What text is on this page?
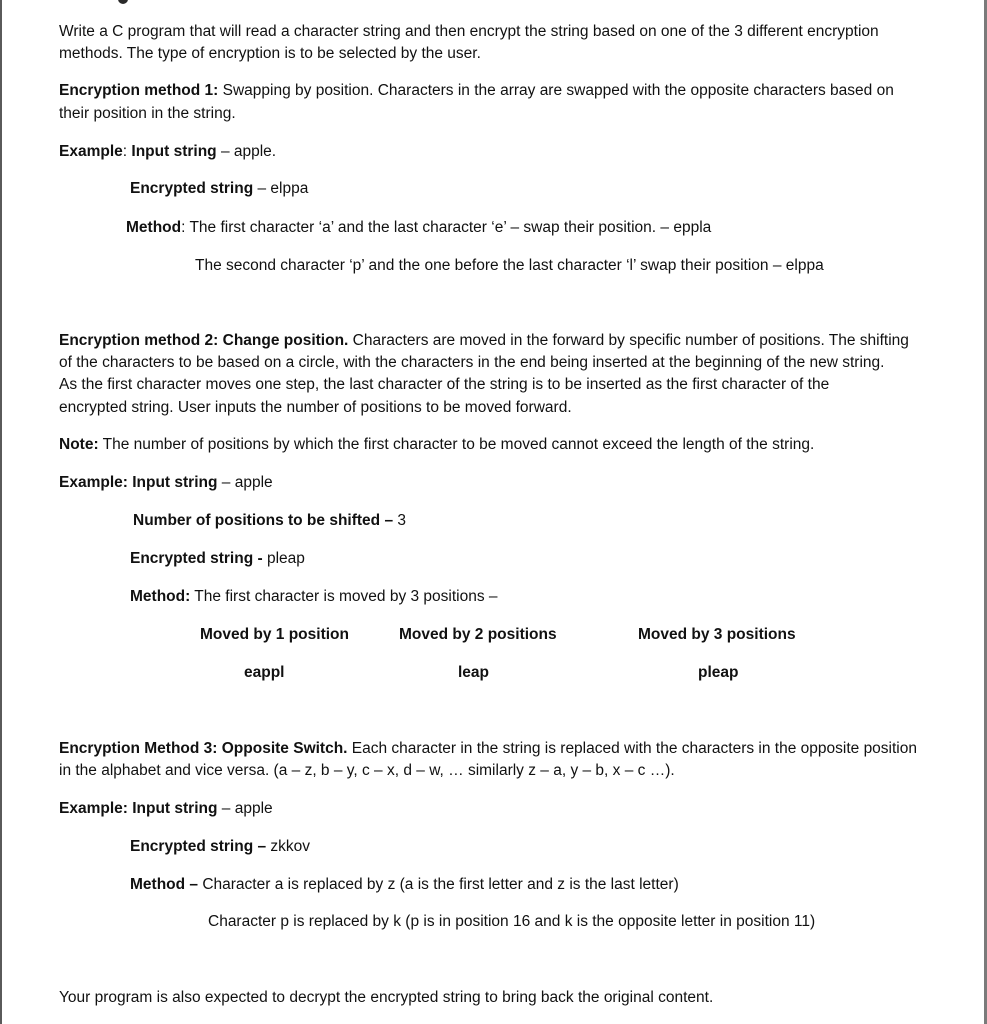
Write a C program that will read a character string and then encrypt the string based on one of the 3 different encryption
methods. The type of encryption is to be selected by the user.
Encryption method 1: Swapping by position. Characters in the array are swapped with the opposite characters based on
their position in the string.
Example: Input string – apple.
Encrypted string – elppa
Method: The first character ‘a’ and the last character ‘e’ – swap their position. – eppla
The second character ‘p’ and the one before the last character ‘l’ swap their position – elppa
Encryption method 2: Change position. Characters are moved in the forward by specific number of positions. The shifting
of the characters to be based on a circle, with the characters in the end being inserted at the beginning of the new string.
As the first character moves one step, the last character of the string is to be inserted as the first character of the
encrypted string. User inputs the number of positions to be moved forward.
Note: The number of positions by which the first character to be moved cannot exceed the length of the string.
Example: Input string – apple
Number of positions to be shifted – 3
Encrypted string - pleap
Method: The first character is moved by 3 positions –
Moved by 1 position	Moved by 2 positions	Moved by 3 positions
eappl	leap	pleap
Encryption Method 3: Opposite Switch. Each character in the string is replaced with the characters in the opposite position
in the alphabet and vice versa. (a – z, b – y, c – x, d – w, … similarly z – a, y – b, x – c …).
Example: Input string – apple
Encrypted string – zkkov
Method – Character a is replaced by z (a is the first letter and z is the last letter)
Character p is replaced by k (p is in position 16 and k is the opposite letter in position 11)
Your program is also expected to decrypt the encrypted string to bring back the original content.
